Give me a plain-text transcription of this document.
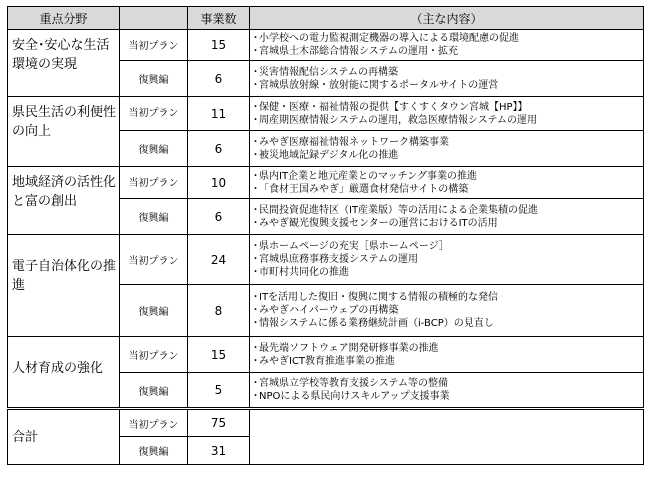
重点分野		事業数	（主な内容）
安全･安心な生活環境の実現	当初プラン	15	･小学校への電力監視測定機器の導入による環境配慮の促進
･宮城県土木部総合情報システムの運用・拡充

	復興編	6	･災害情報配信システムの再構築
･宮城県放射線・放射能に関するポータルサイトの運営

県民生活の利便性の向上	当初プラン	11	･保健・医療・福祉情報の提供【すくすくタウン宮城【HP】】
･周産期医療情報システムの運用，救急医療情報システムの運用

	復興編	6	･みやぎ医療福祉情報ネットワーク構築事業
･被災地域記録デジタル化の推進

地域経済の活性化と富の創出	当初プラン	10	･県内IT企業と地元産業とのマッチング事業の推進
･「食材王国みやぎ」厳選食材発信サイトの構築

	復興編	6	･民間投資促進特区（IT産業版）等の活用による企業集積の促進
･みやぎ観光復興支援センターの運営におけるITの活用

電子自治体化の推進	当初プラン	24	･県ホームページの充実［県ホームページ］
･宮城県庶務事務支援システムの運用
･市町村共同化の推進

	復興編	8	･ITを活用した復旧・復興に関する情報の積極的な発信
･みやぎハイパーウェブの再構築
･情報システムに係る業務継続計画（i-BCP）の見直し

人材育成の強化	当初プラン	15	･最先端ソフトウェア開発研修事業の推進
･みやぎICT教育推進事業の推進

	復興編	5	･宮城県立学校等教育支援システム等の整備
･NPOによる県民向けスキルアップ支援事業

合計	当初プラン	75	
	復興編	31	
